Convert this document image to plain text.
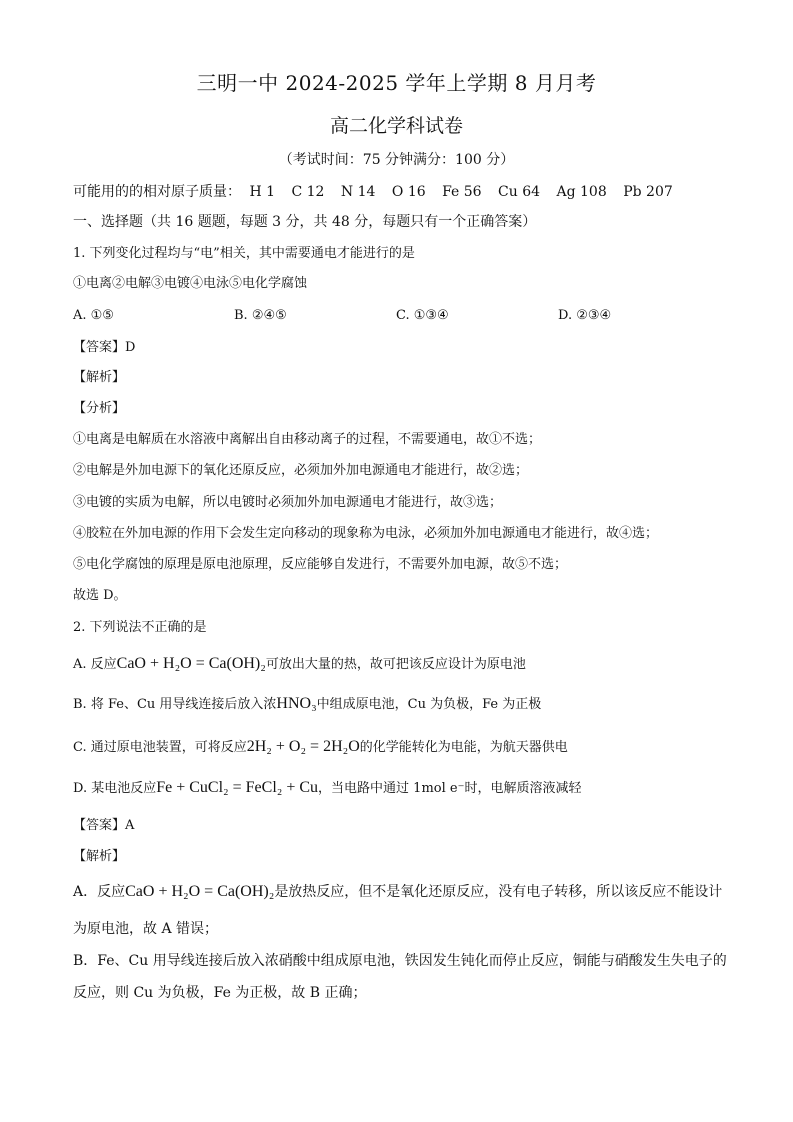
三明一中 2024-2025 学年上学期 8 月月考
高二化学科试卷
（考试时间：75 分钟满分：100 分）
可能用的的相对原子质量： H 1 C 12 N 14 O 16 Fe 56 Cu 64 Ag 108 Pb 207
一、选择题（共 16 题题，每题 3 分，共 48 分，每题只有一个正确答案）
1. 下列变化过程均与“电”相关，其中需要通电才能进行的是
①电离②电解③电镀④电泳⑤电化学腐蚀
A. ①⑤	B. ②④⑤	C. ①③④	D. ②③④
【答案】D
【解析】
【分析】
①电离是电解质在水溶液中离解出自由移动离子的过程，不需要通电，故①不选；
②电解是外加电源下的氧化还原反应，必须加外加电源通电才能进行，故②选；
③电镀的实质为电解，所以电镀时必须加外加电源通电才能进行，故③选；
④胶粒在外加电源的作用下会发生定向移动的现象称为电泳，必须加外加电源通电才能进行，故④选；
⑤电化学腐蚀的原理是原电池原理，反应能够自发进行，不需要外加电源，故⑤不选；
故选 D。
2. 下列说法不正确的是
A. 反应CaO + H₂O = Ca(OH)₂可放出大量的热，故可把该反应设计为原电池
B. 将 Fe、Cu 用导线连接后放入浓HNO₃中组成原电池，Cu 为负极，Fe 为正极
C. 通过原电池装置，可将反应2H₂ + O₂ = 2H₂O的化学能转化为电能，为航天器供电
D. 某电池反应Fe + CuCl₂ = FeCl₂ + Cu，当电路中通过 1mol e⁻时，电解质溶液减轻
【答案】A
【解析】
A．反应CaO + H₂O = Ca(OH)₂是放热反应，但不是氧化还原反应，没有电子转移，所以该反应不能设计
为原电池，故 A 错误；
B．Fe、Cu 用导线连接后放入浓硝酸中组成原电池，铁因发生钝化而停止反应，铜能与硝酸发生失电子的
反应，则 Cu 为负极，Fe 为正极，故 B 正确；
